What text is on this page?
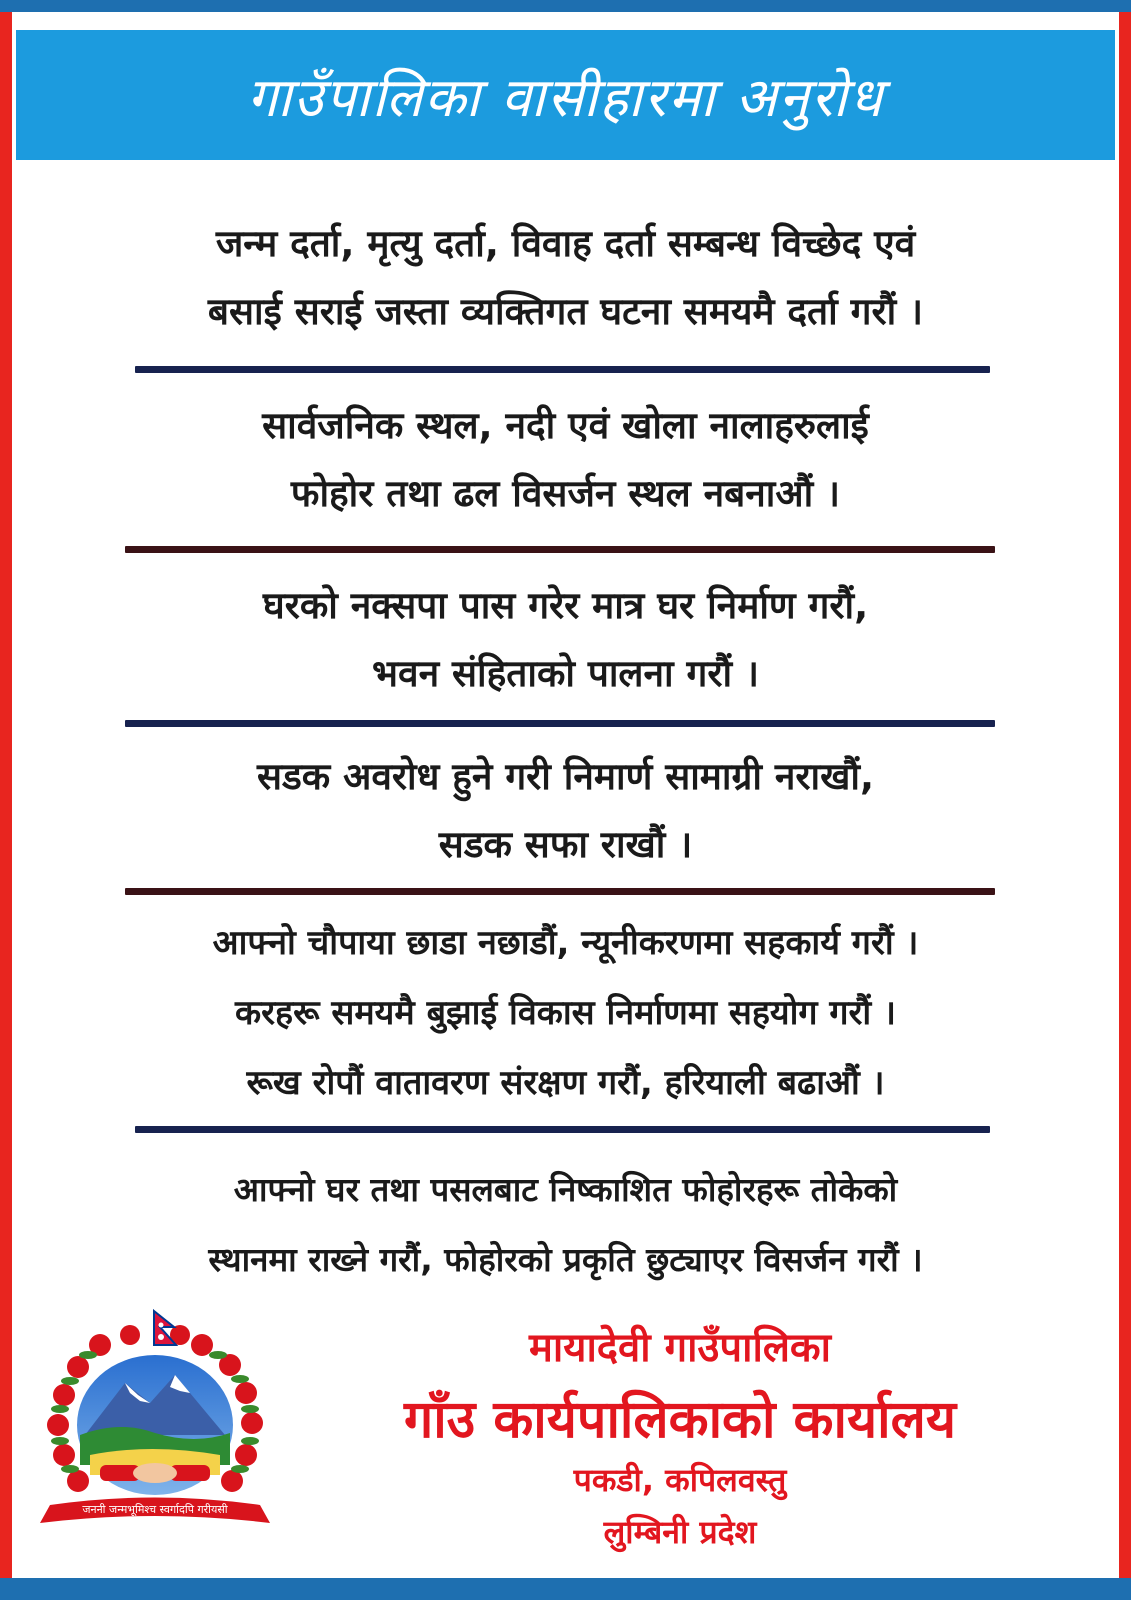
गाउँपालिका वासीहारमा अनुरोध
जन्म दर्ता, मृत्यु दर्ता, विवाह दर्ता सम्बन्ध विच्छेद एवं
बसाई सराई जस्ता व्यक्तिगत घटना समयमै दर्ता गरौं ।
सार्वजनिक स्थल, नदी एवं खोला नालाहरुलाई
फोहोर तथा ढल विसर्जन स्थल नबनाऔं ।
घरको नक्सपा पास गरेर मात्र घर निर्माण गरौं,
भवन संहिताको पालना गरौं ।
सडक अवरोध हुने गरी निमार्ण सामाग्री नराखौं,
सडक सफा राखौं ।
आफ्नो चौपाया छाडा नछाडौं, न्यूनीकरणमा सहकार्य गरौं ।
करहरू समयमै बुझाई विकास निर्माणमा सहयोग गरौं ।
रूख रोपौं वातावरण संरक्षण गरौं, हरियाली बढाऔं ।
आफ्नो घर तथा पसलबाट निष्काशित फोहोरहरू तोकेको
स्थानमा राख्ने गरौं, फोहोरको प्रकृति छुट्याएर विसर्जन गरौं ।
जननी जन्मभूमिश्च स्वर्गादपि गरीयसी
मायादेवी गाउँपालिका
गाँउ कार्यपालिकाको कार्यालय
पकडी, कपिलवस्तु
लुम्बिनी प्रदेश
